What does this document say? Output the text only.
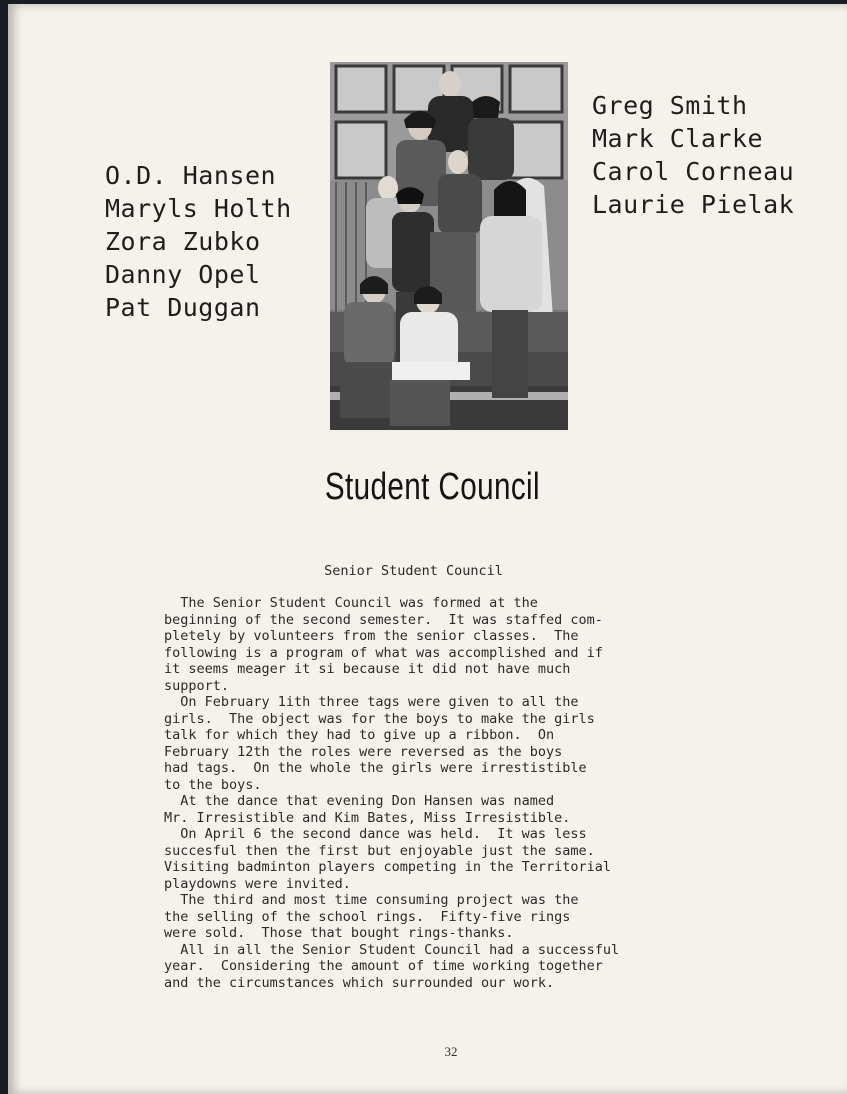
O.D. Hansen
Maryls Holth
Zora Zubko
Danny Opel
Pat Duggan
Greg Smith
Mark Clarke
Carol Corneau
Laurie Pielak
Student Council
Senior Student Council

The Senior Student Council was formed at the

beginning of the second semester.  It was staffed com-

pletely by volunteers from the senior classes.  The

following is a program of what was accomplished and if

it seems meager it si because it did not have much

support.

On February 1ith three tags were given to all the

girls.  The object was for the boys to make the girls

talk for which they had to give up a ribbon.  On

February 12th the roles were reversed as the boys

had tags.  On the whole the girls were irrestistible

to the boys.

At the dance that evening Don Hansen was named

Mr. Irresistible and Kim Bates, Miss Irresistible.

On April 6 the second dance was held.  It was less

succesful then the first but enjoyable just the same.

Visiting badminton players competing in the Territorial

playdowns were invited.

The third and most time consuming project was the

the selling of the school rings.  Fifty-five rings

were sold.  Those that bought rings-thanks.

All in all the Senior Student Council had a successful

year.  Considering the amount of time working together

and the circumstances which surrounded our work.

32
